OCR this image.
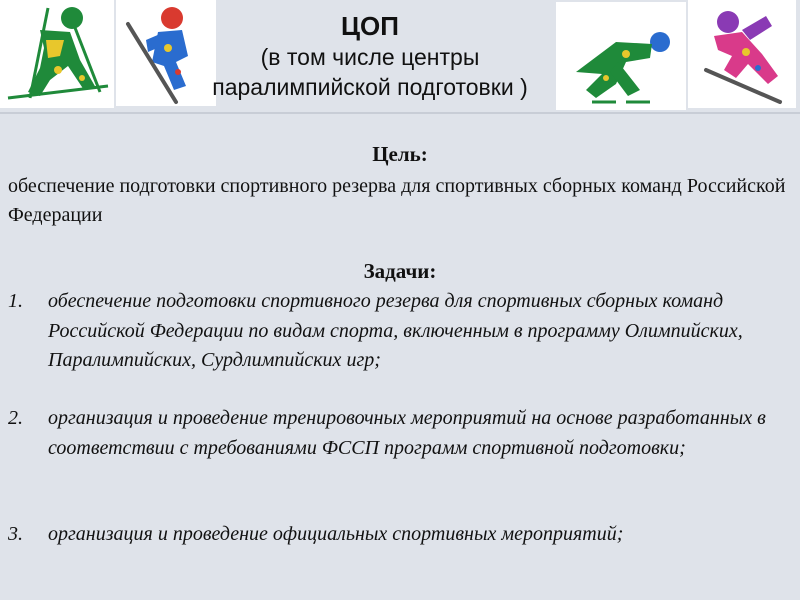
ЦОП
(в том числе центры
паралимпийской подготовки )
Цель:
обеспечение подготовки спортивного резерва для спортивных сборных команд Российской Федерации
Задачи:
1. обеспечение подготовки спортивного резерва для спортивных сборных команд Российской Федерации по видам спорта, включенным в программу Олимпийских, Паралимпийских, Сурдлимпийских игр;
2. организация и проведение тренировочных мероприятий на основе разработанных в соответствии с требованиями ФССП программ спортивной подготовки;
3. организация и проведение официальных спортивных мероприятий;
